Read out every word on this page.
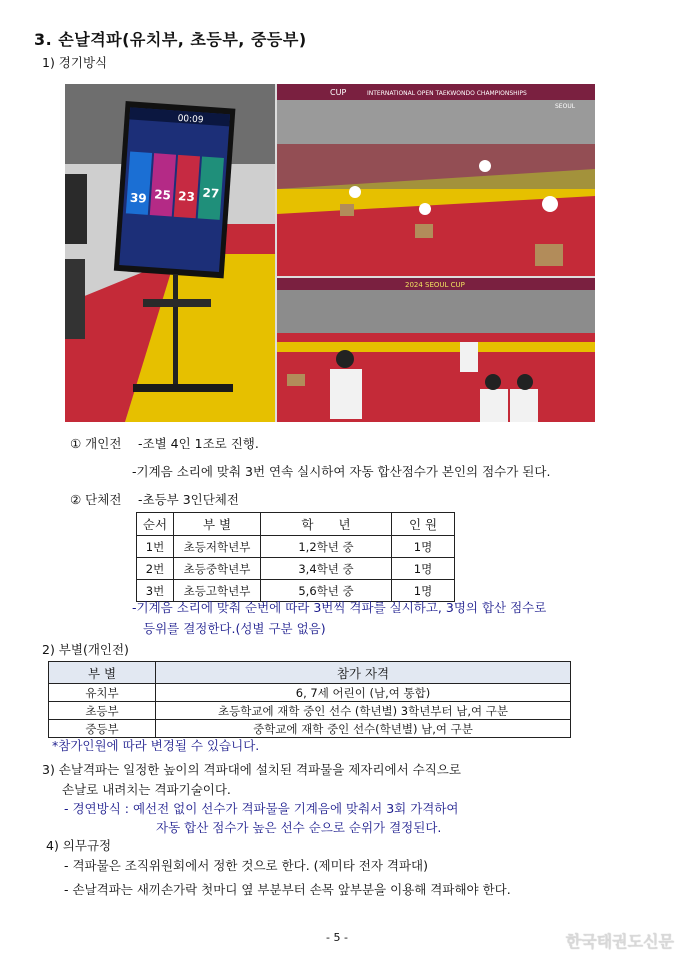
3. 손날격파(유치부, 초등부, 중등부)
1) 경기방식
00:09
39 25 23 27
CUP	INTERNATIONAL OPEN TAEKWONDO CHAMPIONSHIPS
SEOUL
2024 SEOUL CUP
① 개인전 -조별 4인 1조로 진행.
-기계음 소리에 맞춰 3번 연속 실시하여 자동 합산점수가 본인의 점수가 된다.
② 단체전 -초등부 3인단체전
순서	부 별	학　　년	인 원
1번	초등저학년부	1,2학년 중	1명
2번	초등중학년부	3,4학년 중	1명
3번	초등고학년부	5,6학년 중	1명
-기계음 소리에 맞춰 순번에 따라 3번씩 격파를 실시하고, 3명의 합산 점수로
등위를 결정한다.(성별 구분 없음)
2) 부별(개인전)
부 별	참가 자격
유치부	6, 7세 어린이 (남,여 통합)
초등부	초등학교에 재학 중인 선수 (학년별) 3학년부터 남,여 구분
중등부	중학교에 재학 중인 선수(학년별) 남,여 구분
*참가인원에 따라 변경될 수 있습니다.
3) 손날격파는 일정한 높이의 격파대에 설치된 격파물을 제자리에서 수직으로
손날로 내려치는 격파기술이다.
- 경연방식 : 예선전 없이 선수가 격파물을 기계음에 맞춰서 3회 가격하여
자동 합산 점수가 높은 선수 순으로 순위가 결정된다.
4) 의무규정
- 격파물은 조직위원회에서 정한 것으로 한다. (제미타 전자 격파대)
- 손날격파는 새끼손가락 첫마디 옆 부분부터 손목 앞부분을 이용해 격파해야 한다.
- 5 -	한국태권도신문
